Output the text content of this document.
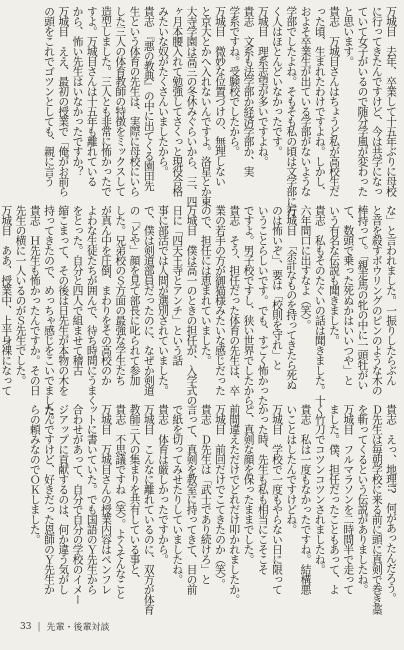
万城目　去年、卒業して十五年ぶりに母校
に行ってきたんですけど、今は共学になっ
ていて女子がいるので随分学風が変わった
と思います。
貴志　万城目さんはちょうど私が高校生だ
った頃、生まれたわけですよね。しかし、
およそ卒業生が出ている学部がないような
学部でしたよね。そもそも私の頃は文学部に行
く人はほとんどいなかったです。
万城目　理系志望が多いですよね。
貴志　文系も法学部か経済学部か、実
学系ですね。受験校でしたから。
万城目　微妙な位置づけの、無理しない
と京大とかへ入れないんですよ。洛星とか東
大寺学園は高三の冬休みぐらいから、三、四
ヶ月本腰入れて勉強してさくっと現役合格
みたいな奴がたくさんいましたから。
貴志　『悪の教典』の中に出てくる園田先
生という体育の先生は、実際に母校にいら
した三人の体育教師の特徴をミックスして
造型しました。三人とも非常に怖かったで
すよ。万城目さんは十五年も離れている
から、怖い先生はいなかったですか？
万城目　ええ、最初の授業で「俺がお前ら
の頭をこれでゴツンとしても、親に言う
な」と言われました。一振りしたらぶん
と音を殺すボウリングのピンのような木の
棒持って。「親走馬の牝の中に一頭牡がい
て、数頭で乗った死ぬかはいいつや」と
いう有名な伝説も聞きました。
貴志　私もそのたぐいの話は聞きました。十
六年間口に出すなよ（笑）。
万城目　「余計なものを持ってきたら死ぬ
のは怖いぞ」、要は「校則を守れ」と
いうことらしいです。でも、すごく怖かった
ですよ。男子校ですし、狭い世界でしたから。
貴志　そう、担任だった体育の先生は、卒
業の若手の方が御猫様みたいな感じだった
ので、担任には恵まれていました。
万城目　僕は高一のときの担任が、入学式の
日に「四天王寺とアンチ」という話
事に部活では人間が選別されていました。
で、僕は剣道部員だったのに、なぜか剣道
の「どや」顔を見て部長に叱られて参加
した。兄弟校のＳ方面の最強な学生たち
が真ん中を圧倒、まわりをその高校のか
よわな生徒たちが囲んで、待ち時間にうまく
をとった。自分と四人で組ませて稽古
縮こまって、その後は日先生が本物の木を
持ってきたので、めっちゃ感じをこいでました。
貴志　Ｈ先生も怖かったんですか。その日
先生の横に一人いるのがＳ先生でした。
万城目　ああ、授業中、上半身裸になって
貴志　えっ、地理!?　何があったんだろう。
Ｄ先生は毎朝学校に来る前に頭に真剣で巻き藁
を斬ってくるという伝説がありましたね。
万城目　フルマラソンを二時間半で走って
ました。僕、担任だったこともあって、よ
く竹刀でコツンコツンされましたね。
貴志　私は一度もなかったですね。結構悪
いことはしたんですけどね。
万城目　学校で一度もやらない日に限って
かった時、先生も私も相当にこそこそ
と、真剣な顔を保ったままでした。
前間違えただけでどれだけ叩かれましたか。
万城目　前回だけでこてきたのか（笑）。
貴志　Ｄ先生は「武士であり続けろ」と
言って、真剣を教室に持ってきて、目の前
で紙を切ってみせたりしていましたね。
貴志　体育は厳しかったですから。
万城目　こんなに離れているのに、双方が体育
教師三人の集まりを共有している事と、
貴志　不思議ですね（笑）。よくそんなこと
万城目　万城目さんの授業内容はペンフレ
ットに書いていた。でも国語のＹ先生から
合わせがあって、自分で自分の学校のイメー
ジアップに貢献するのは、何か違う気がし
たんですけど、好きだった恩師のＹ先生か
らの頼みなのでＯＫしました。
33 | 先輩・後輩対談
